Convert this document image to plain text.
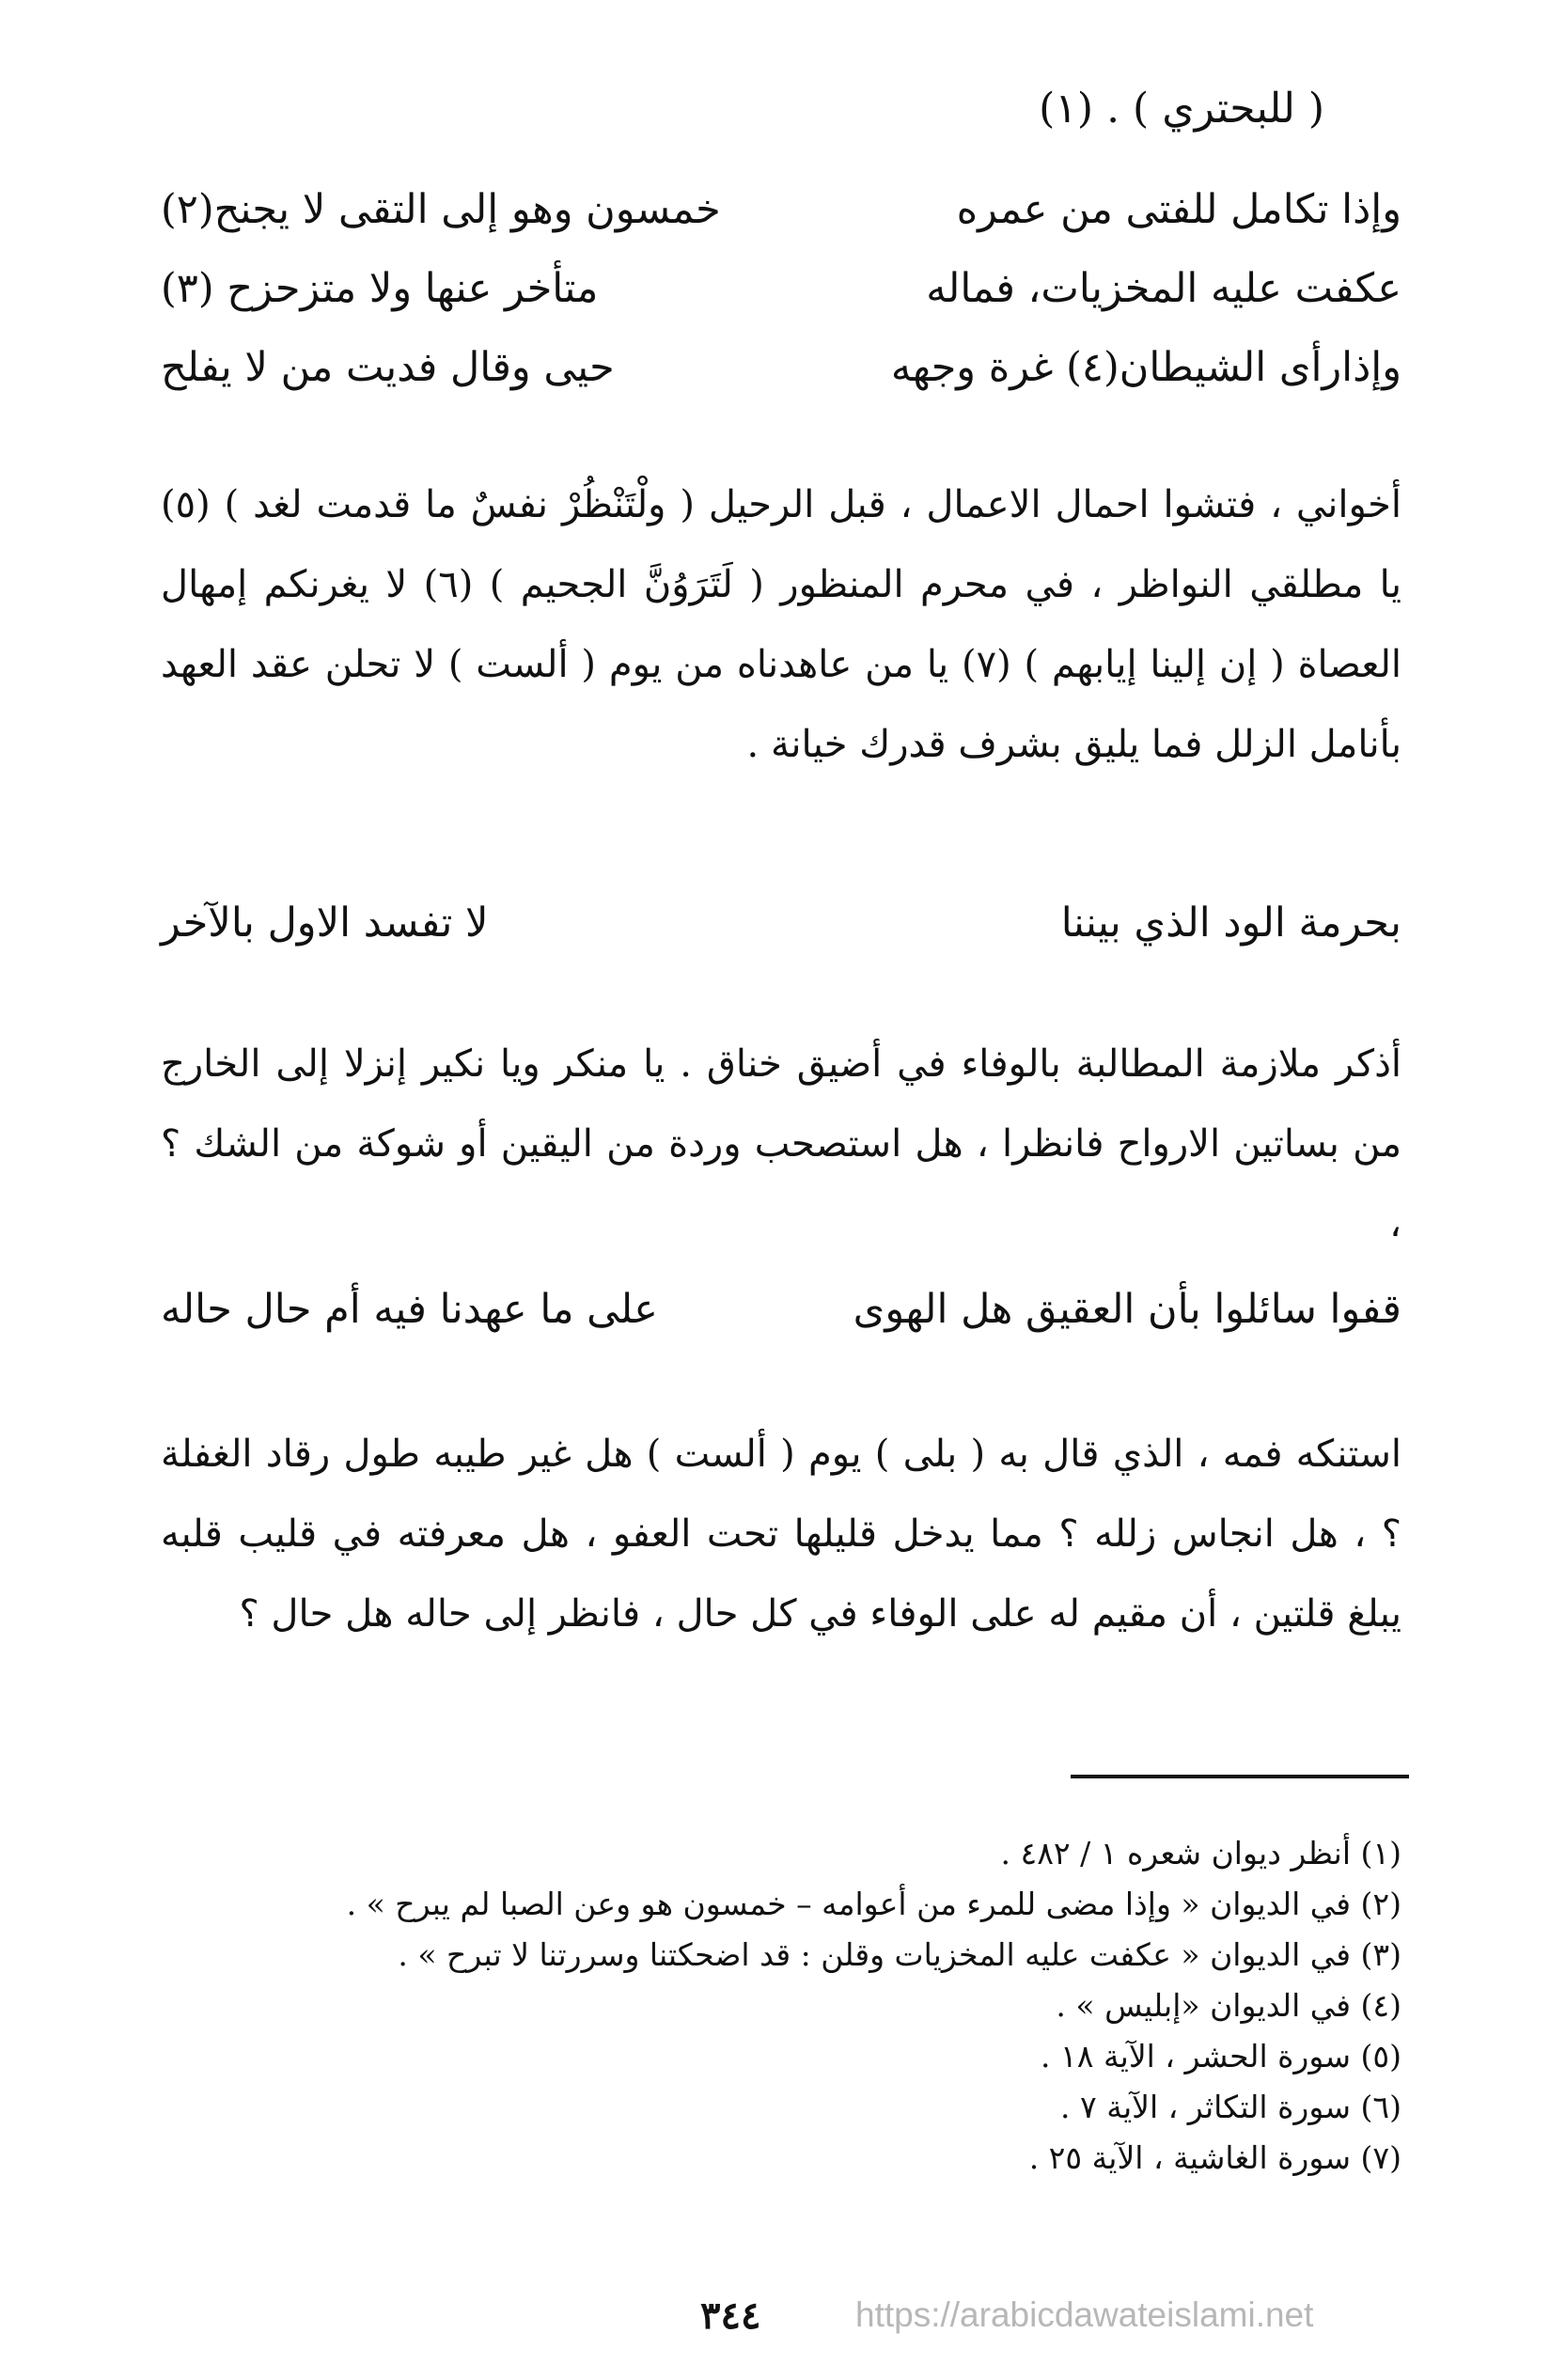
( للبحتري ) . (١)
وإذا تكامل للفتى من عمره
خمسون وهو إلى التقى لا يجنح(٢)
عكفت عليه المخزيات، فماله
متأخر عنها ولا متزحزح (٣)
وإذارأى الشيطان(٤) غرة وجهه
حيى وقال فديت من لا يفلح

أخواني ، فتشوا احمال الاعمال ، قبل الرحيل ( ولْتَنْظُرْ نفسٌ ما قدمت لغد ) (٥) يا مطلقي النواظر ، في محرم المنظور ( لَتَرَوُنَّ الجحيم ) (٦) لا يغرنكم إمهال العصاة ( إن إلينا إيابهم ) (٧) يا من عاهدناه من يوم ( ألست ) لا تحلن عقد العهد بأنامل الزلل فما يليق بشرف قدرك خيانة .

بحرمة الود الذي بيننا
لا تفسد الاول بالآخر

أذكر ملازمة المطالبة بالوفاء في أضيق خناق . يا منكر ويا نكير إنزلا إلى الخارج من بساتين الارواح فانظرا ، هل استصحب وردة من اليقين أو شوكة من الشك ؟ ،

قفوا سائلوا بأن العقيق هل الهوى
على ما عهدنا فيه أم حال حاله

استنكه فمه ، الذي قال به ( بلى ) يوم ( ألست ) هل غير طيبه طول رقاد الغفلة ؟ ، هل انجاس زلله ؟ مما يدخل قليلها تحت العفو ، هل معرفته في قليب قلبه يبلغ قلتين ، أن مقيم له على الوفاء في كل حال ، فانظر إلى حاله هل حال ؟

(١) أنظر ديوان شعره ١ / ٤٨٢ .
(٢) في الديوان « وإذا مضى للمرء من أعوامه – خمسون هو وعن الصبا لم يبرح » .
(٣) في الديوان « عكفت عليه المخزيات وقلن : قد اضحكتنا وسررتنا لا تبرح » .
(٤) في الديوان «إبليس » .
(٥) سورة الحشر ، الآية ١٨ .
(٦) سورة التكاثر ، الآية ٧ .
(٧) سورة الغاشية ، الآية ٢٥ .
٣٤٤	https://arabicdawateislami.net
